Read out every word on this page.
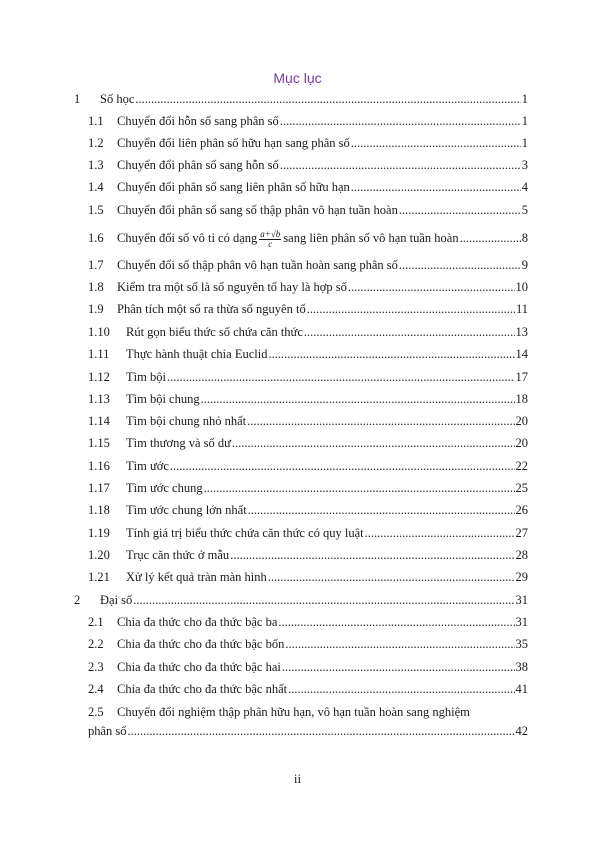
Mục lục
1	Số học .....	1
1.1	Chuyển đổi hỗn số sang phân số .....	1
1.2	Chuyển đổi liên phân số hữu hạn sang phân số .....	1
1.3	Chuyển đổi phân số sang hỗn số .....	3
1.4	Chuyển đổi phân số sang liên phân số hữu hạn .....	4
1.5	Chuyển đổi phân số sang số thập phân vô hạn tuần hoàn .....	5
1.6	Chuyển đổi số vô tỉ có dạng $\frac{a+√b}{c}$ sang liên phân số vô hạn tuần hoàn .....	8
1.7	Chuyển đổi số thập phân vô hạn tuần hoàn sang phân số .....	9
1.8	Kiểm tra một số là số nguyên tố hay là hợp số .....	10
1.9	Phân tích một số ra thừa số nguyên tố .....	11
1.10	Rút gọn biểu thức số chứa căn thức .....	13
1.11	Thực hành thuật chia Euclid .....	14
1.12	Tìm bội .....	17
1.13	Tìm bội chung .....	18
1.14	Tìm bội chung nhỏ nhất .....	20
1.15	Tìm thương và số dư .....	20
1.16	Tìm ước .....	22
1.17	Tìm ước chung .....	25
1.18	Tìm ước chung lớn nhất .....	26
1.19	Tính giá trị biểu thức chứa căn thức có quy luật .....	27
1.20	Trục căn thức ở mẫu .....	28
1.21	Xử lý kết quả tràn màn hình .....	29
2	Đại số .....	31
2.1	Chia đa thức cho đa thức bậc ba .....	31
2.2	Chia đa thức cho đa thức bậc bốn .....	35
2.3	Chia đa thức cho đa thức bậc hai .....	38
2.4	Chia đa thức cho đa thức bậc nhất .....	41
2.5	Chuyển đổi nghiệm thập phân hữu hạn, vô hạn tuần hoàn sang nghiệm
phân số .....	42
ii
